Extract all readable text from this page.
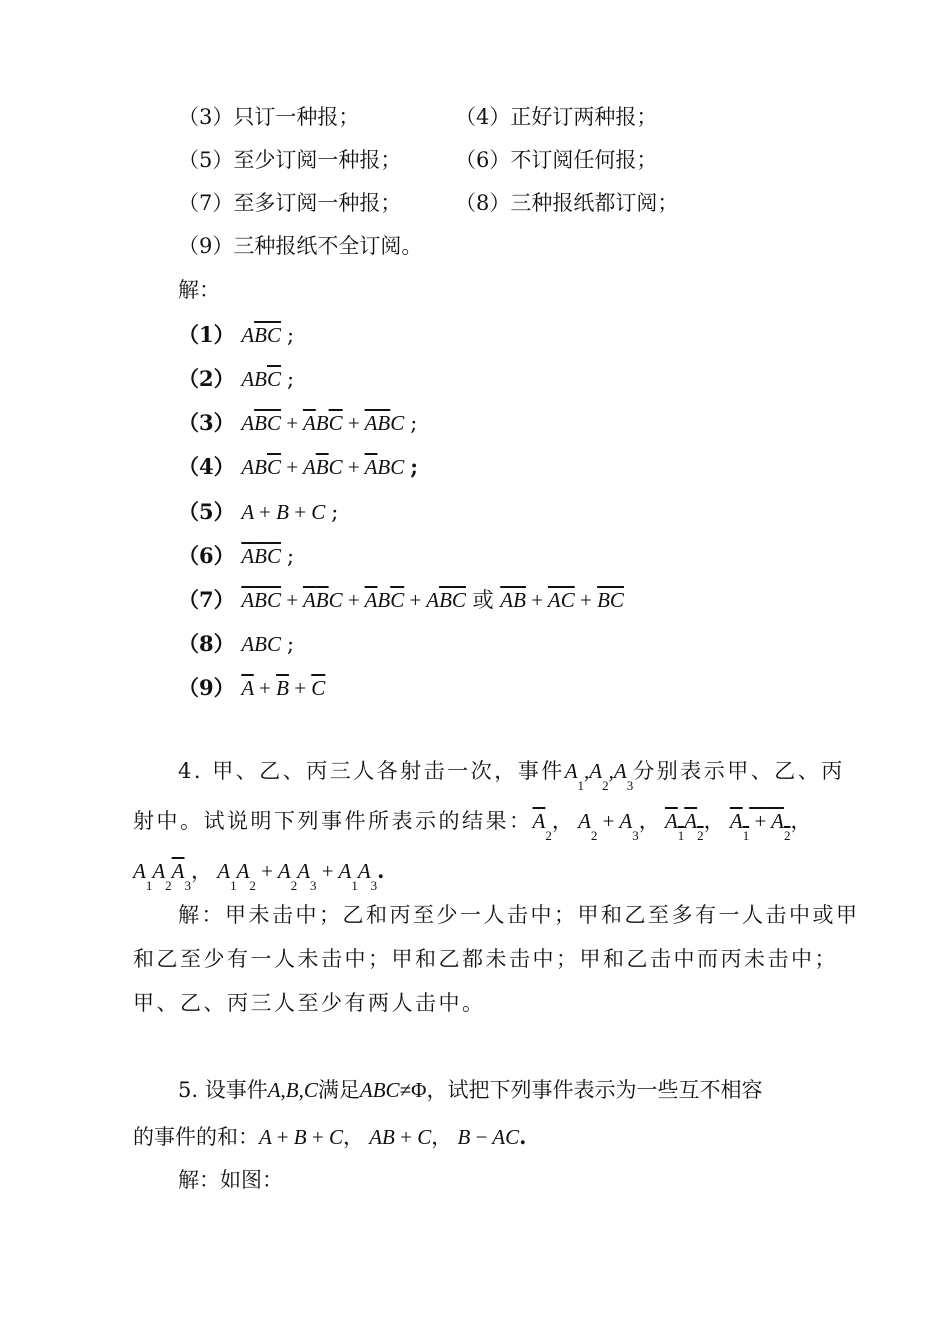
（3）只订一种报；	（4）正好订两种报；
（5）至少订阅一种报；	（6）不订阅任何报；
（7）至多订阅一种报；	（8）三种报纸都订阅；
（9）三种报纸不全订阅。
解：
（1） $A\overline{B}\overline{C}$ ;
（2） $AB\overline{C}$ ;
（3） $A\overline{B}\overline{C} + \overline{A}B\overline{C} + \overline{A}\overline{B}C$ ;
（4） $AB\overline{C} + A\overline{B}C + \overline{A}BC$ ;
（5） A + B + C ;
（6） $\overline{A}\overline{B}\overline{C}$ ;
（7） $\overline{A}\overline{B}\overline{C} + \overline{A}\overline{B}C + \overline{A}B\overline{C} + A\overline{B}\overline{C}$ 或 $\overline{AB} + \overline{AC} + \overline{BC}$
（8） ABC ;
（9） $\overline{A} + \overline{B} + \overline{C}$
4. 甲、乙、丙三人各射击一次，事件$A_1,A_2,A_3$分别表示甲、乙、丙
射中。试说明下列事件所表示的结果：$\overline{A}_2$， $A_2 + A_3$， $A_1A_2$， $A_1 + A_2$，
$A_1A_2\overline{A}_3$， $A_1A_2 + A_2A_3 + A_1A_3$.
解：甲未击中；乙和丙至少一人击中；甲和乙至多有一人击中或甲
和乙至少有一人未击中；甲和乙都未击中；甲和乙击中而丙未击中；
甲、乙、丙三人至少有两人击中。
5. 设事件A,B,C满足ABC≠Φ，试把下列事件表示为一些互不相容
的事件的和：A + B + C， AB + C， B − AC.
解：如图：
